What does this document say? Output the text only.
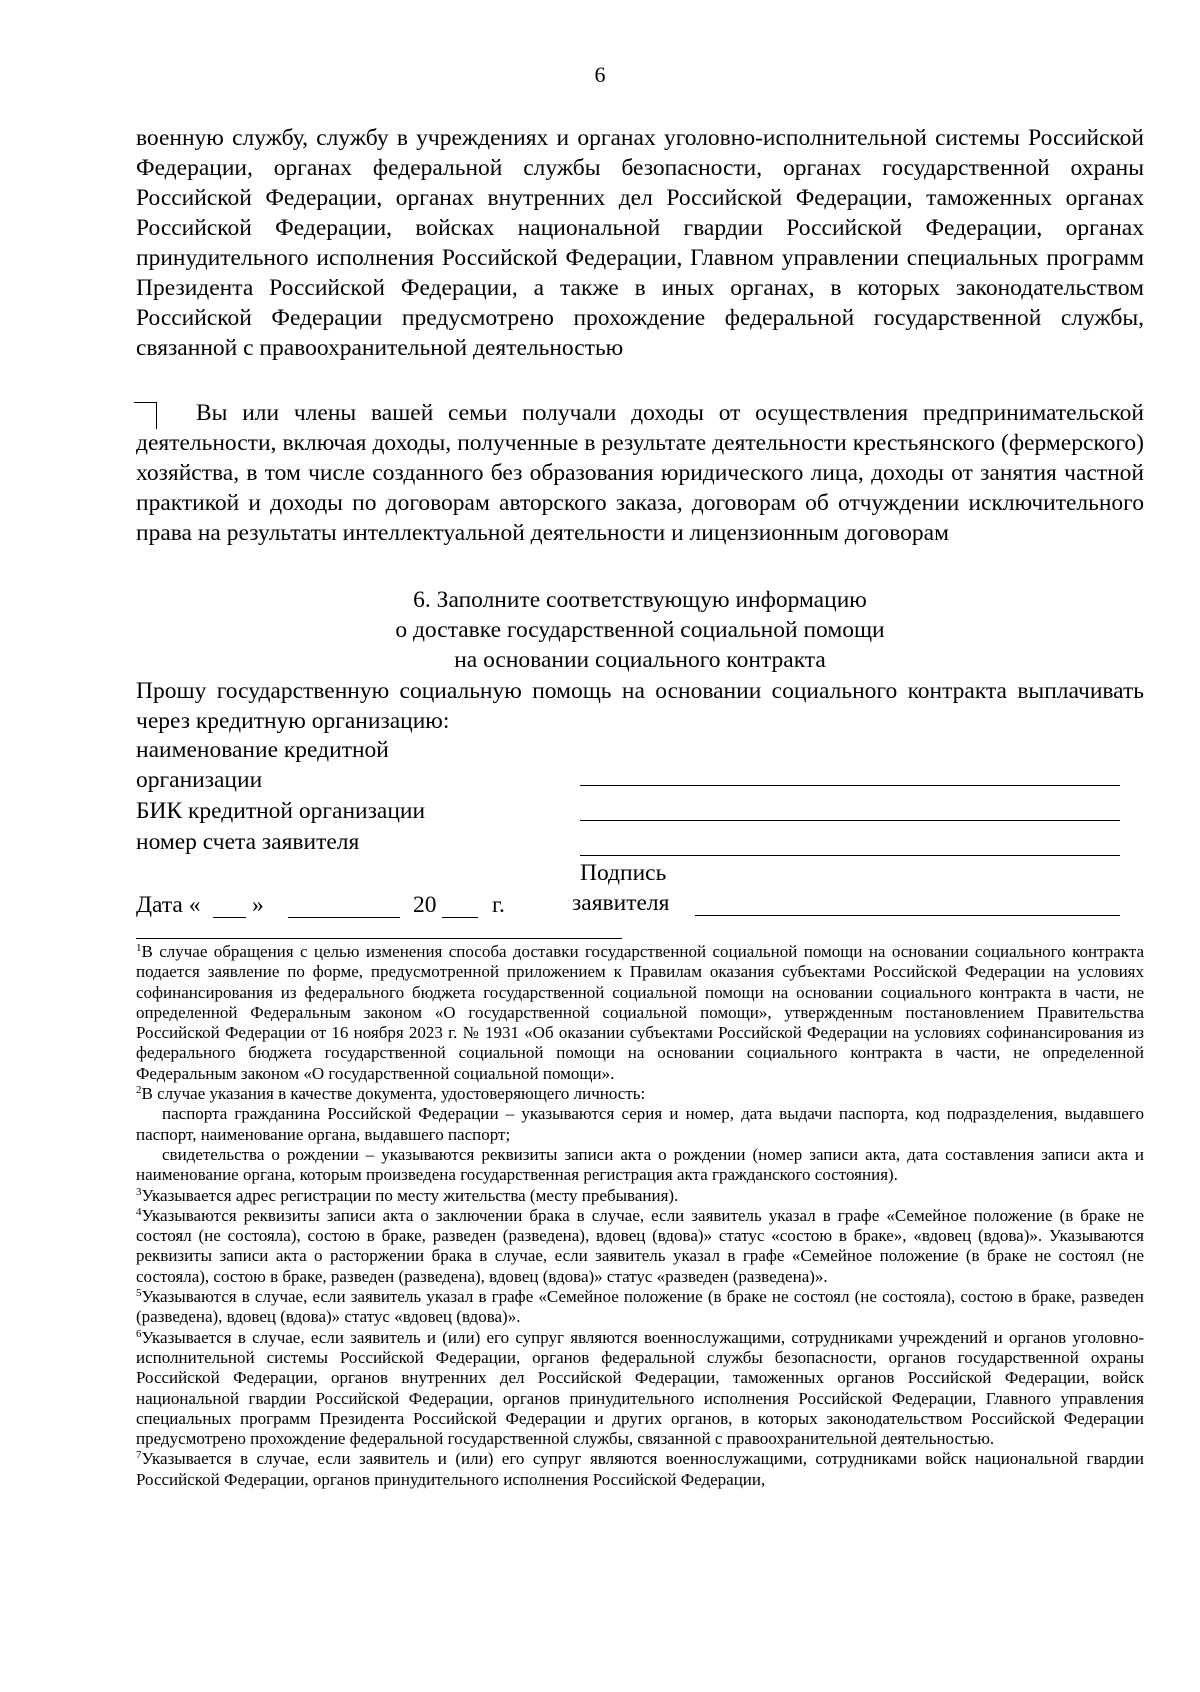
6
военную службу, службу в учреждениях и органах уголовно-исполнительной системы Российской Федерации, органах федеральной службы безопасности, органах государственной охраны Российской Федерации, органах внутренних дел Российской Федерации, таможенных органах Российской Федерации, войсках национальной гвардии Российской Федерации, органах принудительного исполнения Российской Федерации, Главном управлении специальных программ Президента Российской Федерации, а также в иных органах, в которых законодательством Российской Федерации предусмотрено прохождение федеральной государственной службы, связанной с правоохранительной деятельностью
Вы или члены вашей семьи получали доходы от осуществления предпринимательской деятельности, включая доходы, полученные в результате деятельности крестьянского (фермерского) хозяйства, в том числе созданного без образования юридического лица, доходы от занятия частной практикой и доходы по договорам авторского заказа, договорам об отчуждении исключительного права на результаты интеллектуальной деятельности и лицензионным договорам
6. Заполните соответствующую информацию
о доставке государственной социальной помощи
на основании социального контракта
Прошу государственную социальную помощь на основании социального контракта выплачивать через кредитную организацию:
наименование кредитной
организации
БИК кредитной организации
номер счета заявителя
Подпись
заявителя
Дата « »	20 г.

$^1$В случае обращения с целью изменения способа доставки государственной социальной помощи на основании социального контракта подается заявление по форме, предусмотренной приложением к Правилам оказания субъектами Российской Федерации на условиях софинансирования из федерального бюджета государственной социальной помощи на основании социального контракта в части, не определенной Федеральным законом «О государственной социальной помощи», утвержденным постановлением Правительства Российской Федерации от 16 ноября 2023 г. № 1931 «Об оказании субъектами Российской Федерации на условиях софинансирования из федерального бюджета государственной социальной помощи на основании социального контракта в части, не определенной Федеральным законом «О государственной социальной помощи».

$^2$В случае указания в качестве документа, удостоверяющего личность:

паспорта гражданина Российской Федерации – указываются серия и номер, дата выдачи паспорта, код подразделения, выдавшего паспорт, наименование органа, выдавшего паспорт;

свидетельства о рождении – указываются реквизиты записи акта о рождении (номер записи акта, дата составления записи акта и наименование органа, которым произведена государственная регистрация акта гражданского состояния).

$^3$Указывается адрес регистрации по месту жительства (месту пребывания).

$^4$Указываются реквизиты записи акта о заключении брака в случае, если заявитель указал в графе «Семейное положение (в браке не состоял (не состояла), состою в браке, разведен (разведена), вдовец (вдова)» статус «состою в браке», «вдовец (вдова)». Указываются реквизиты записи акта о расторжении брака в случае, если заявитель указал в графе «Семейное положение (в браке не состоял (не состояла), состою в браке, разведен (разведена), вдовец (вдова)» статус «разведен (разведена)».

$^5$Указываются в случае, если заявитель указал в графе «Семейное положение (в браке не состоял (не состояла), состою в браке, разведен (разведена), вдовец (вдова)» статус «вдовец (вдова)».

$^6$Указывается в случае, если заявитель и (или) его супруг являются военнослужащими, сотрудниками учреждений и органов уголовно-исполнительной системы Российской Федерации, органов федеральной службы безопасности, органов государственной охраны Российской Федерации, органов внутренних дел Российской Федерации, таможенных органов Российской Федерации, войск национальной гвардии Российской Федерации, органов принудительного исполнения Российской Федерации, Главного управления специальных программ Президента Российской Федерации и других органов, в которых законодательством Российской Федерации предусмотрено прохождение федеральной государственной службы, связанной с правоохранительной деятельностью.

$^7$Указывается в случае, если заявитель и (или) его супруг являются военнослужащими, сотрудниками войск национальной гвардии Российской Федерации, органов принудительного исполнения Российской Федерации,
